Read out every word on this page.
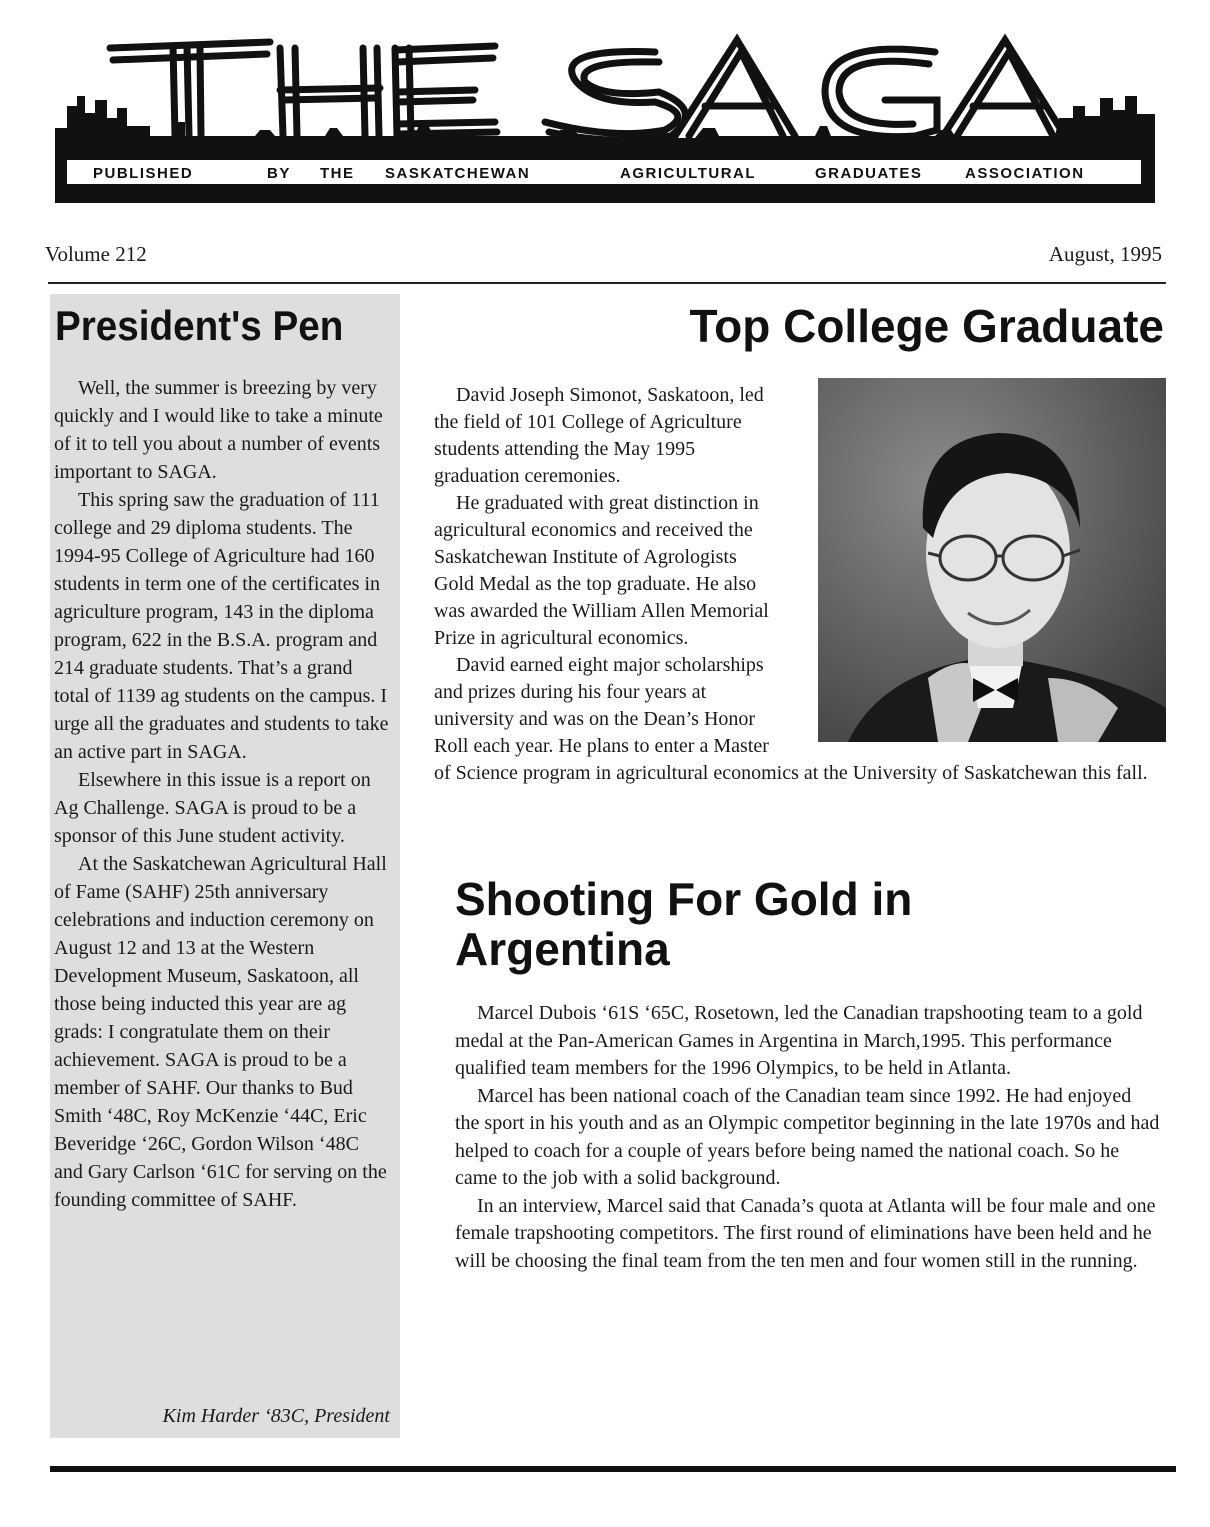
PUBLISHED	BY THE SASKATCHEWAN	AGRICULTURAL	GRADUATES	ASSOCIATION
Volume 212	August, 1995
President's Pen

Well, the summer is breezing by very quickly and I would like to take a minute of it to tell you about a number of events important to SAGA.

This spring saw the graduation of 111 college and 29 diploma students. The 1994-95 College of Agriculture had 160 students in term one of the certificates in agriculture program, 143 in the diploma program, 622 in the B.S.A. program and 214 graduate students. That’s a grand total of 1139 ag students on the campus. I urge all the graduates and students to take an active part in SAGA.

Elsewhere in this issue is a report on Ag Challenge. SAGA is proud to be a sponsor of this June student activity.

At the Saskatchewan Agricultural Hall of Fame (SAHF) 25th anniversary celebrations and induction ceremony on August 12 and 13 at the Western Development Museum, Saskatoon, all those being inducted this year are ag grads: I congratulate them on their achievement. SAGA is proud to be a member of SAHF. Our thanks to Bud Smith ‘48C, Roy McKenzie ‘44C, Eric Beveridge ‘26C, Gordon Wilson ‘48C and Gary Carlson ‘61C for serving on the founding committee of SAHF.

Kim Harder ‘83C, President
Top College Graduate

David Joseph Simonot, Saskatoon, led the field of 101 College of Agriculture students attending the May 1995 graduation ceremonies.

He graduated with great distinction in agricultural economics and received the Saskatchewan Institute of Agrologists Gold Medal as the top graduate. He also was awarded the William Allen Memorial Prize in agricultural economics.

David earned eight major scholarships and prizes during his four years at university and was on the Dean’s Honor Roll each year. He plans to enter a Master of Science program in agricultural economics at the University of Saskatchewan this fall.

Shooting For Gold in Argentina

Marcel Dubois ‘61S ‘65C, Rosetown, led the Canadian trapshooting team to a gold medal at the Pan-American Games in Argentina in March,1995. This performance qualified team members for the 1996 Olympics, to be held in Atlanta.

Marcel has been national coach of the Canadian team since 1992. He had enjoyed the sport in his youth and as an Olympic competitor beginning in the late 1970s and had helped to coach for a couple of years before being named the national coach. So he came to the job with a solid background.

In an interview, Marcel said that Canada’s quota at Atlanta will be four male and one female trapshooting competitors. The first round of eliminations have been held and he will be choosing the final team from the ten men and four women still in the running.
